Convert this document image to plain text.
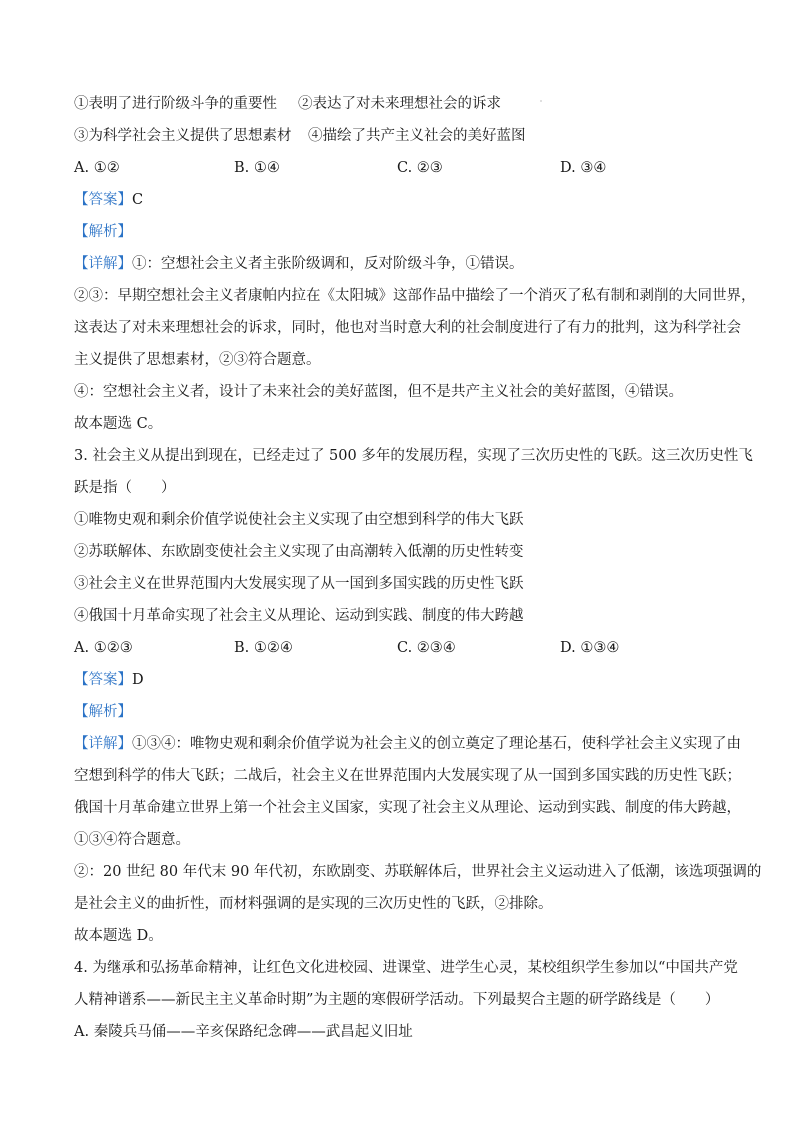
①表明了进行阶级斗争的重要性 ②表达了对未来理想社会的诉求
③为科学社会主义提供了思想素材 ④描绘了共产主义社会的美好蓝图
A. ①②	B. ①④	C. ②③	D. ③④
【答案】C
【解析】
【详解】①：空想社会主义者主张阶级调和，反对阶级斗争，①错误。
②③：早期空想社会主义者康帕内拉在《太阳城》这部作品中描绘了一个消灭了私有制和剥削的大同世界，
这表达了对未来理想社会的诉求，同时，他也对当时意大利的社会制度进行了有力的批判，这为科学社会
主义提供了思想素材，②③符合题意。
④：空想社会主义者，设计了未来社会的美好蓝图，但不是共产主义社会的美好蓝图，④错误。
故本题选 C。
3. 社会主义从提出到现在，已经走过了 500 多年的发展历程，实现了三次历史性的飞跃。这三次历史性飞
跃是指（　　）
①唯物史观和剩余价值学说使社会主义实现了由空想到科学的伟大飞跃
②苏联解体、东欧剧变使社会主义实现了由高潮转入低潮的历史性转变
③社会主义在世界范围内大发展实现了从一国到多国实践的历史性飞跃
④俄国十月革命实现了社会主义从理论、运动到实践、制度的伟大跨越
A. ①②③	B. ①②④	C. ②③④	D. ①③④
【答案】D
【解析】
【详解】①③④：唯物史观和剩余价值学说为社会主义的创立奠定了理论基石，使科学社会主义实现了由
空想到科学的伟大飞跃；二战后，社会主义在世界范围内大发展实现了从一国到多国实践的历史性飞跃；
俄国十月革命建立世界上第一个社会主义国家，实现了社会主义从理论、运动到实践、制度的伟大跨越，
①③④符合题意。
②：20 世纪 80 年代末 90 年代初，东欧剧变、苏联解体后，世界社会主义运动进入了低潮，该选项强调的
是社会主义的曲折性，而材料强调的是实现的三次历史性的飞跃，②排除。
故本题选 D。
4. 为继承和弘扬革命精神，让红色文化进校园、进课堂、进学生心灵，某校组织学生参加以“中国共产党
人精神谱系——新民主主义革命时期”为主题的寒假研学活动。下列最契合主题的研学路线是（　　）
A. 秦陵兵马俑——辛亥保路纪念碑——武昌起义旧址
